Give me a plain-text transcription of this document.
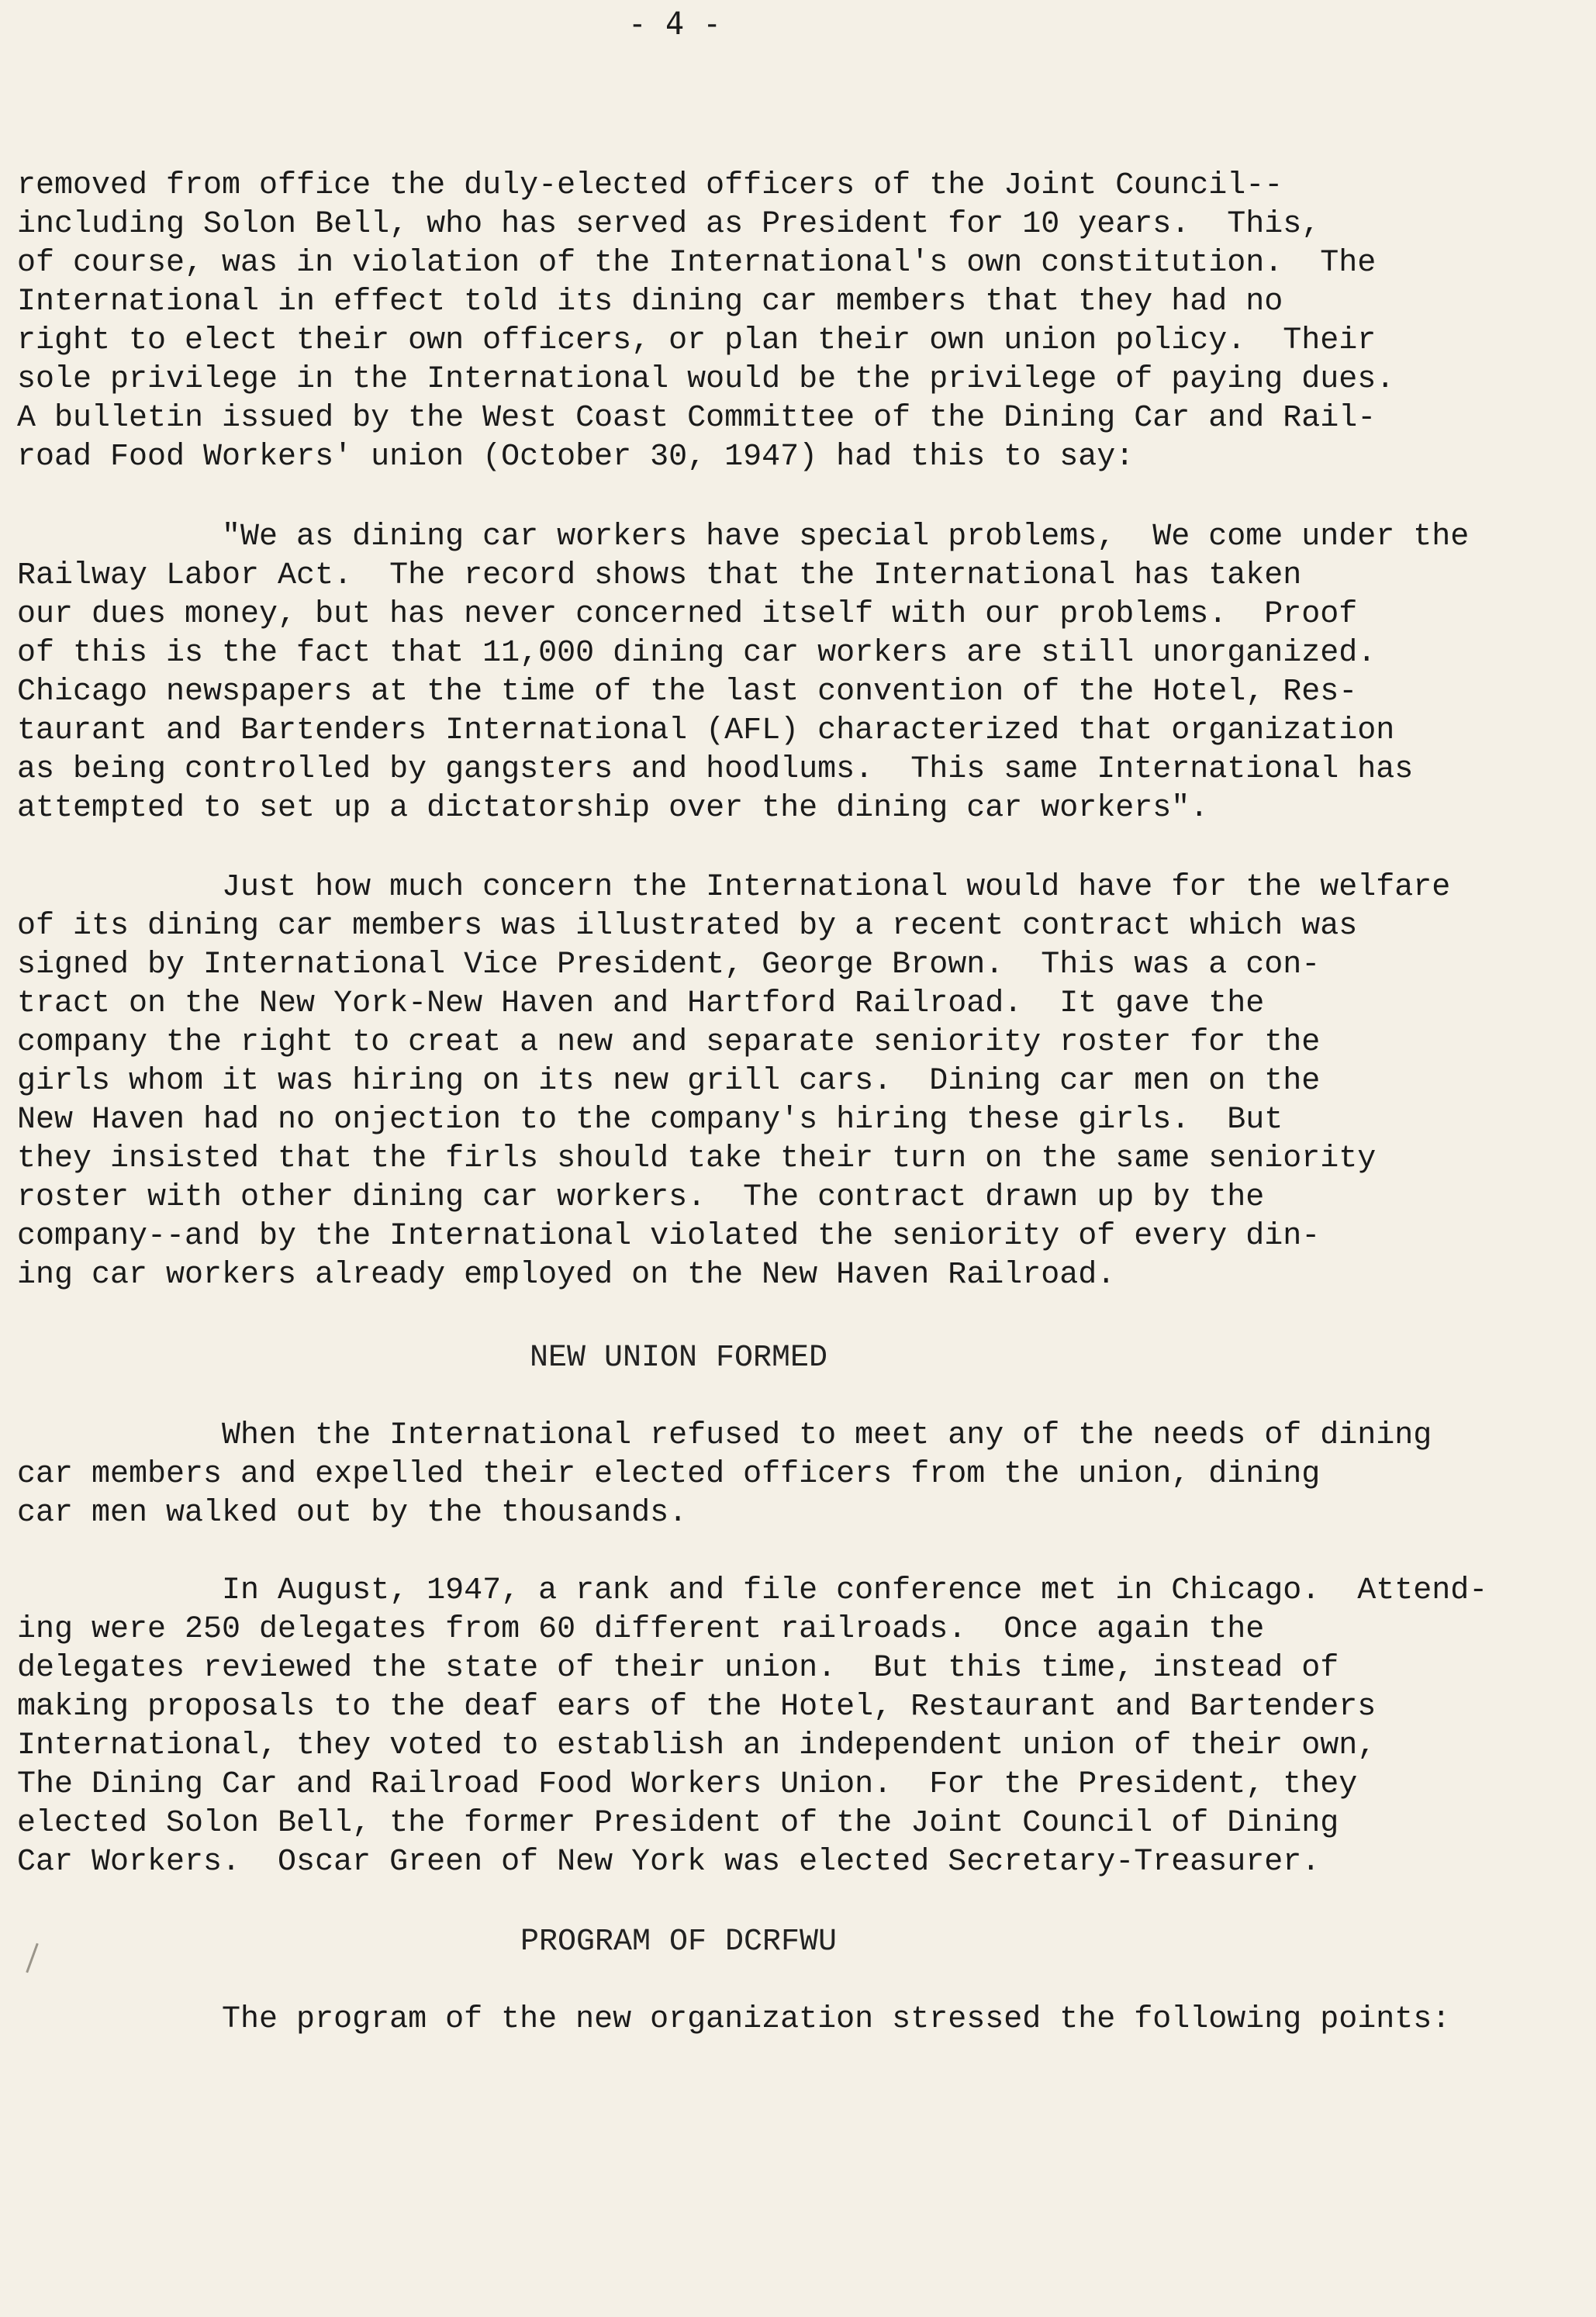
- 4 -
removed from office the duly-elected officers of the Joint Council--
including Solon Bell, who has served as President for 10 years.  This,
of course, was in violation of the International's own constitution.  The
International in effect told its dining car members that they had no
right to elect their own officers, or plan their own union policy.  Their
sole privilege in the International would be the privilege of paying dues.
A bulletin issued by the West Coast Committee of the Dining Car and Rail-
road Food Workers' union (October 30, 1947) had this to say:
"We as dining car workers have special problems,  We come under the
Railway Labor Act.  The record shows that the International has taken
our dues money, but has never concerned itself with our problems.  Proof
of this is the fact that 11,000 dining car workers are still unorganized.
Chicago newspapers at the time of the last convention of the Hotel, Res-
taurant and Bartenders International (AFL) characterized that organization
as being controlled by gangsters and hoodlums.  This same International has
attempted to set up a dictatorship over the dining car workers".
Just how much concern the International would have for the welfare
of its dining car members was illustrated by a recent contract which was
signed by International Vice President, George Brown.  This was a con-
tract on the New York-New Haven and Hartford Railroad.  It gave the
company the right to creat a new and separate seniority roster for the
girls whom it was hiring on its new grill cars.  Dining car men on the
New Haven had no onjection to the company's hiring these girls.  But
they insisted that the firls should take their turn on the same seniority
roster with other dining car workers.  The contract drawn up by the
company--and by the International violated the seniority of every din-
ing car workers already employed on the New Haven Railroad.
NEW UNION FORMED
When the International refused to meet any of the needs of dining
car members and expelled their elected officers from the union, dining
car men walked out by the thousands.
In August, 1947, a rank and file conference met in Chicago.  Attend-
ing were 250 delegates from 60 different railroads.  Once again the
delegates reviewed the state of their union.  But this time, instead of
making proposals to the deaf ears of the Hotel, Restaurant and Bartenders
International, they voted to establish an independent union of their own,
The Dining Car and Railroad Food Workers Union.  For the President, they
elected Solon Bell, the former President of the Joint Council of Dining
Car Workers.  Oscar Green of New York was elected Secretary-Treasurer.
PROGRAM OF DCRFWU
The program of the new organization stressed the following points:
